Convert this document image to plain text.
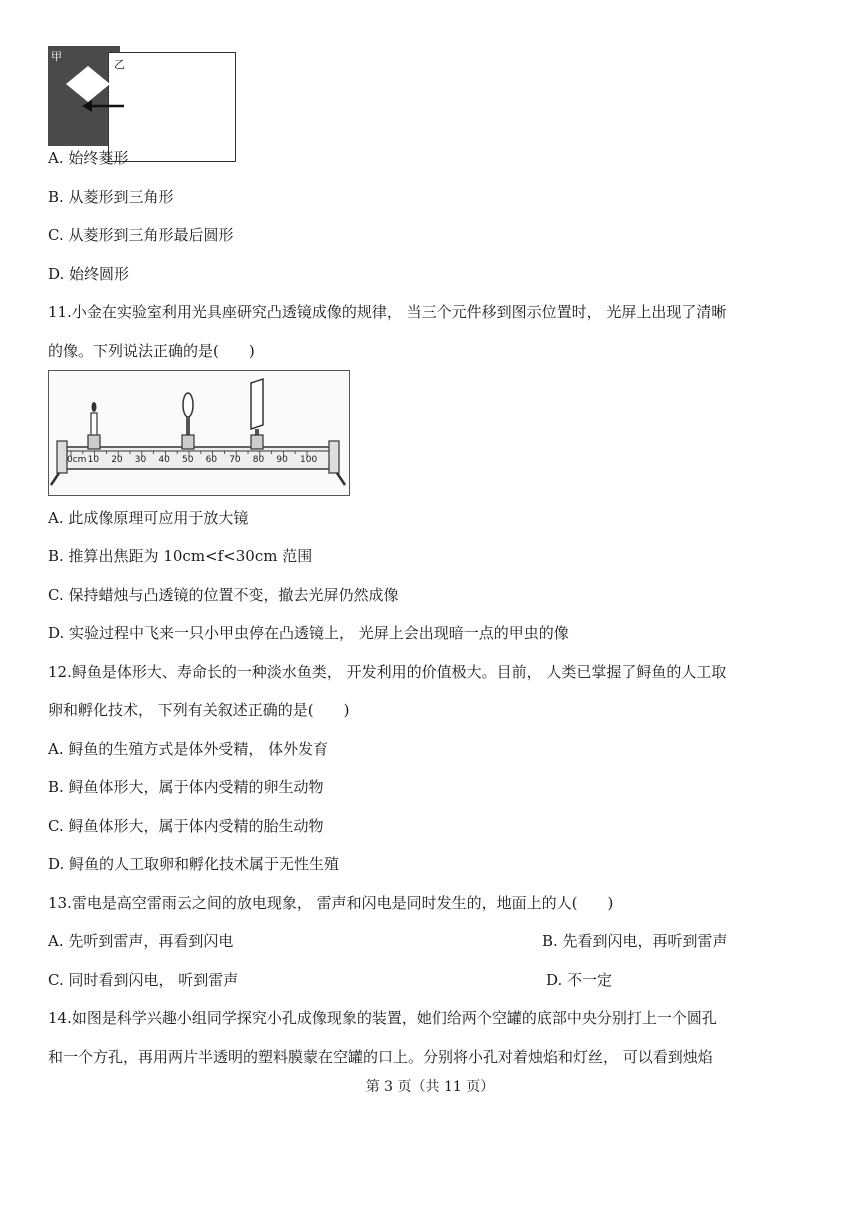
甲
乙
A. 始终菱形
B. 从菱形到三角形
C. 从菱形到三角形最后圆形
D. 始终圆形
11.小金在实验室利用光具座研究凸透镜成像的规律， 当三个元件移到图示位置时， 光屏上出现了清晰
的像。下列说法正确的是(　　)
0cm 10 20 30 40 50 60 70 80 90 100
A. 此成像原理可应用于放大镜
B. 推算出焦距为 10cm<f<30cm 范围
C. 保持蜡烛与凸透镜的位置不变，撤去光屏仍然成像
D. 实验过程中飞来一只小甲虫停在凸透镜上， 光屏上会出现暗一点的甲虫的像
12.鲟鱼是体形大、寿命长的一种淡水鱼类， 开发利用的价值极大。目前， 人类已掌握了鲟鱼的人工取
卵和孵化技术， 下列有关叙述正确的是(　　)
A. 鲟鱼的生殖方式是体外受精， 体外发育
B. 鲟鱼体形大，属于体内受精的卵生动物
C. 鲟鱼体形大，属于体内受精的胎生动物
D. 鲟鱼的人工取卵和孵化技术属于无性生殖
13.雷电是高空雷雨云之间的放电现象， 雷声和闪电是同时发生的，地面上的人(　　)
A. 先听到雷声，再看到闪电	B. 先看到闪电，再听到雷声
C. 同时看到闪电， 听到雷声	D. 不一定
14.如图是科学兴趣小组同学探究小孔成像现象的装置，她们给两个空罐的底部中央分别打上一个圆孔
和一个方孔，再用两片半透明的塑料膜蒙在空罐的口上。分别将小孔对着烛焰和灯丝， 可以看到烛焰
第 3 页（共 11 页）
